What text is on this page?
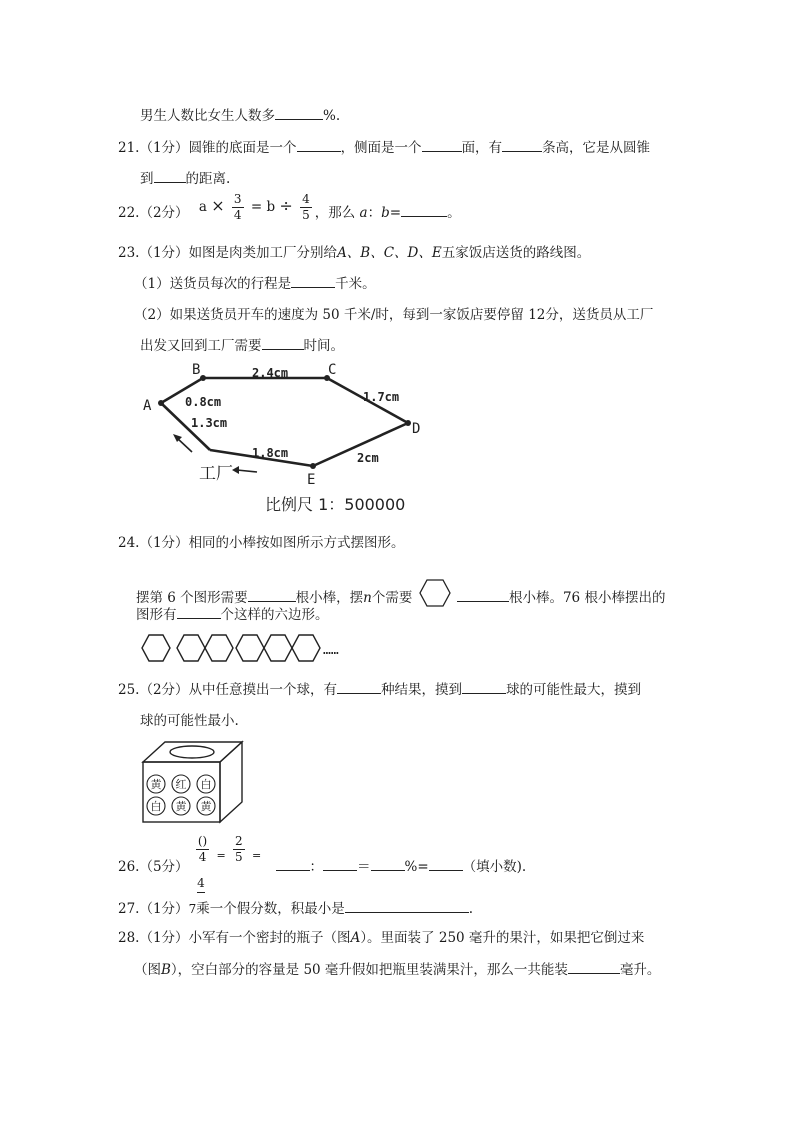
男生人数比女生人数多	%.
21.（1分）圆锥的底面是一个	，侧面是一个	面，有	条高，它是从圆锥
到 的距离.
22.（2分） $a \times \frac{3}{4} = b \div \frac{4}{5}$ ，那么 a：b=	。
23.（1分）如图是肉类加工厂分别给A、B、C、D、E五家饭店送货的路线图。
（1）送货员每次的行程是	千米。
（2）如果送货员开车的速度为 50 千米/时，每到一家饭店要停留 12分，送货员从工厂
出发又回到工厂需要	时间。
A
B	C
D
E
2.4cm
0.8cm
1.3cm
1.7cm
1.8cm	2cm
工厂
比例尺 1：500000
24.（1分）相同的小棒按如图所示方式摆图形。
摆第 6 个图形需要	根小棒，摆n个需要	根小棒。76 根小棒摆出的
图形有	个这样的六边形。
……
25.（2分）从中任意摸出一个球，有	种结果，摸到	球的可能性最大，摸到
球的可能性最小.
黄 红 白
白 黄 黄
26.（5分）
$\frac{()}{4} = \frac{2}{5}$ = ：	＝	%=	（填小数).
4
27.（1分）7乘一个假分数，积最小是	.
28.（1分）小军有一个密封的瓶子（图A）。里面装了 250 毫升的果汁，如果把它倒过来
（图B），空白部分的容量是 50 毫升假如把瓶里装满果汁，那么一共能装	毫升。
